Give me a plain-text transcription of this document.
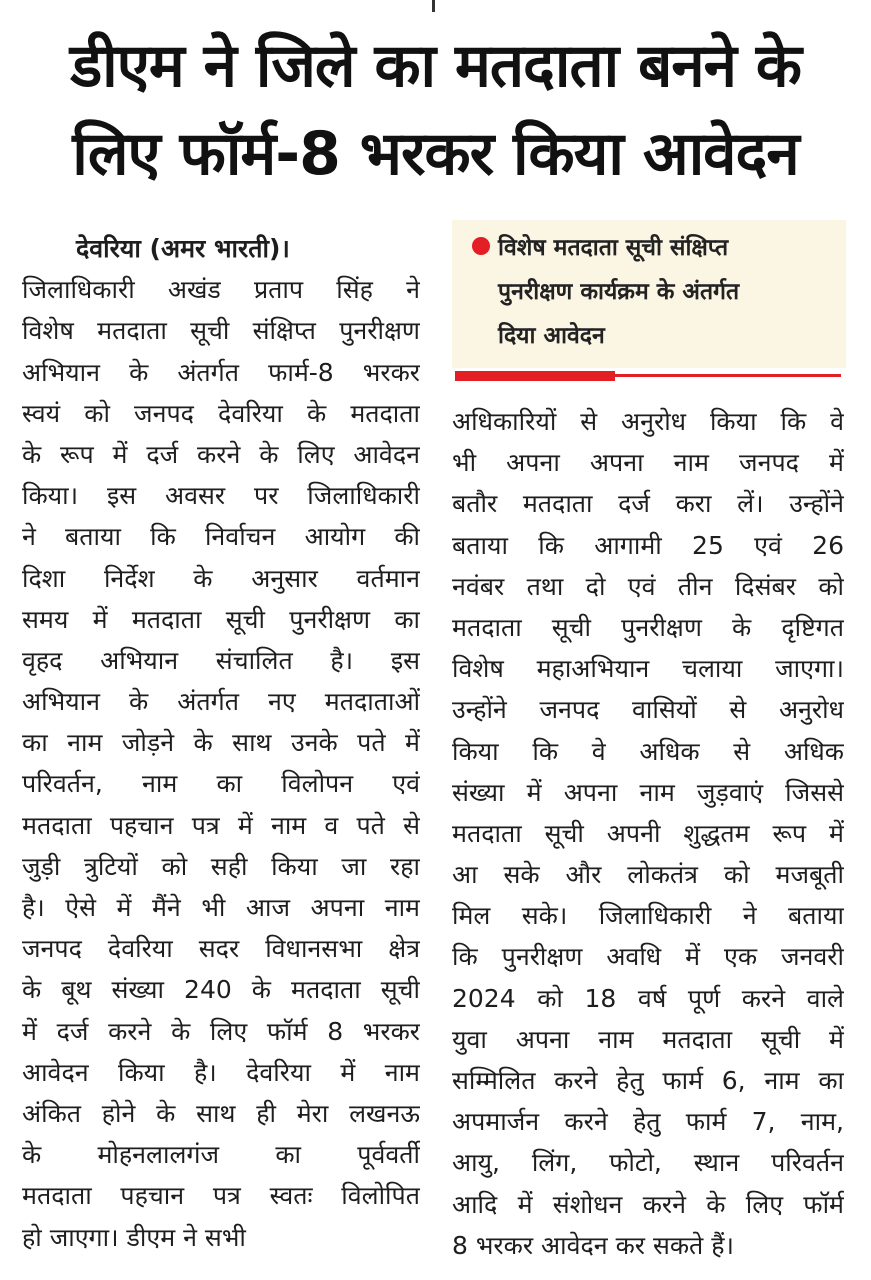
डीएम ने जिले का मतदाता बनने के
लिए फॉर्म-8 भरकर किया आवेदन
देवरिया (अमर भारती)।
जिलाधिकारी अखंड प्रताप सिंह ने
विशेष मतदाता सूची संक्षिप्त पुनरीक्षण
अभियान के अंतर्गत फार्म-8 भरकर
स्वयं को जनपद देवरिया के मतदाता
के रूप में दर्ज करने के लिए आवेदन
किया। इस अवसर पर जिलाधिकारी
ने बताया कि निर्वाचन आयोग की
दिशा निर्देश के अनुसार वर्तमान
समय में मतदाता सूची पुनरीक्षण का
वृहद अभियान संचालित है। इस
अभियान के अंतर्गत नए मतदाताओं
का नाम जोड़ने के साथ उनके पते में
परिवर्तन, नाम का विलोपन एवं
मतदाता पहचान पत्र में नाम व पते से
जुड़ी त्रुटियों को सही किया जा रहा
है। ऐसे में मैंने भी आज अपना नाम
जनपद देवरिया सदर विधानसभा क्षेत्र
के बूथ संख्या 240 के मतदाता सूची
में दर्ज करने के लिए फॉर्म 8 भरकर
आवेदन किया है। देवरिया में नाम
अंकित होने के साथ ही मेरा लखनऊ
के मोहनलालगंज का पूर्ववर्ती
मतदाता पहचान पत्र स्वतः विलोपित
हो जाएगा। डीएम ने सभी
विशेष मतदाता सूची संक्षिप्त
पुनरीक्षण कार्यक्रम के अंतर्गत
दिया आवेदन
अधिकारियों से अनुरोध किया कि वे
भी अपना अपना नाम जनपद में
बतौर मतदाता दर्ज करा लें। उन्होंने
बताया कि आगामी 25 एवं 26
नवंबर तथा दो एवं तीन दिसंबर को
मतदाता सूची पुनरीक्षण के दृष्टिगत
विशेष महाअभियान चलाया जाएगा।
उन्होंने जनपद वासियों से अनुरोध
किया कि वे अधिक से अधिक
संख्या में अपना नाम जुड़वाएं जिससे
मतदाता सूची अपनी शुद्धतम रूप में
आ सके और लोकतंत्र को मजबूती
मिल सके। जिलाधिकारी ने बताया
कि पुनरीक्षण अवधि में एक जनवरी
2024 को 18 वर्ष पूर्ण करने वाले
युवा अपना नाम मतदाता सूची में
सम्मिलित करने हेतु फार्म 6, नाम का
अपमार्जन करने हेतु फार्म 7, नाम,
आयु, लिंग, फोटो, स्थान परिवर्तन
आदि में संशोधन करने के लिए फॉर्म
8 भरकर आवेदन कर सकते हैं।
